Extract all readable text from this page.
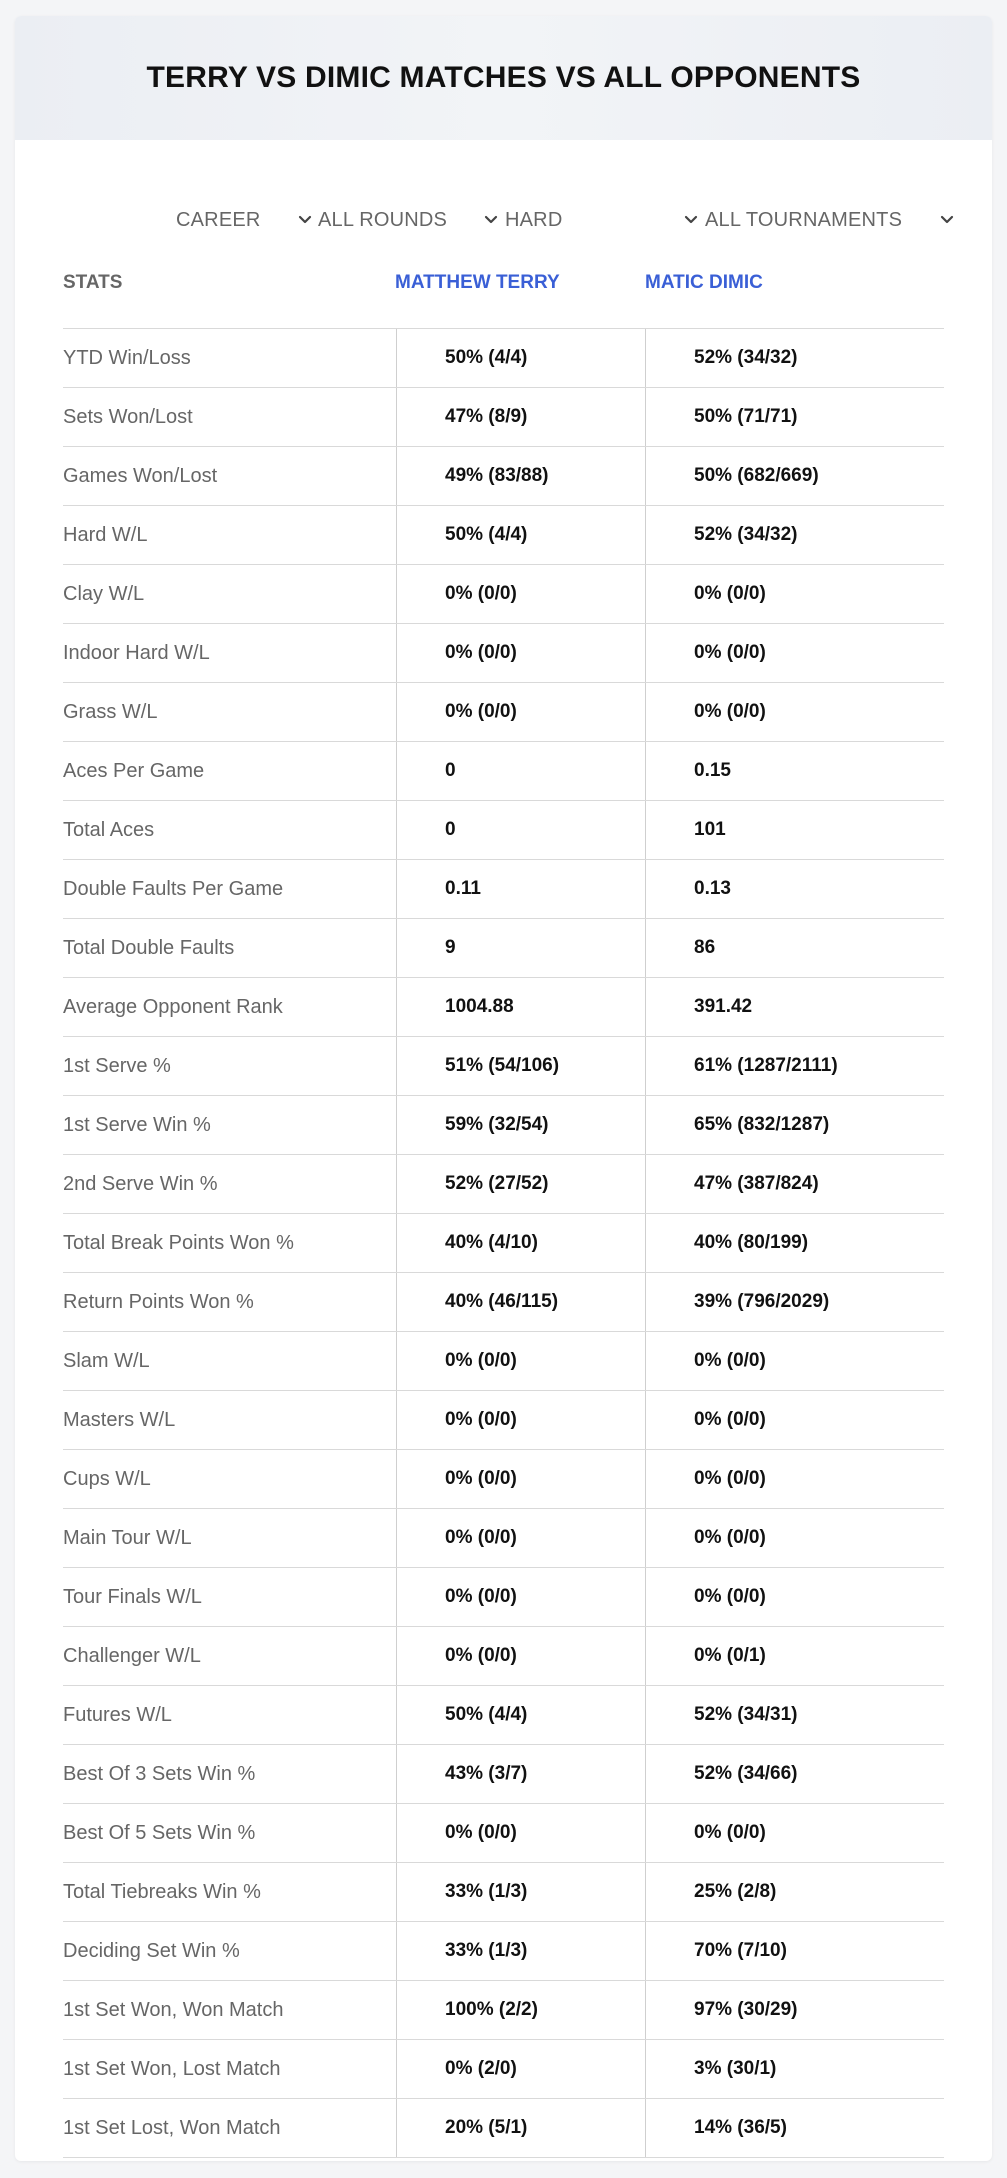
TERRY VS DIMIC MATCHES VS ALL OPPONENTS
CAREER	ALL ROUNDS	HARD	ALL TOURNAMENTS
STATS	MATTHEW TERRY	MATIC DIMIC
YTD Win/Loss	50% (4/4)	52% (34/32)
Sets Won/Lost	47% (8/9)	50% (71/71)
Games Won/Lost	49% (83/88)	50% (682/669)
Hard W/L	50% (4/4)	52% (34/32)
Clay W/L	0% (0/0)	0% (0/0)
Indoor Hard W/L	0% (0/0)	0% (0/0)
Grass W/L	0% (0/0)	0% (0/0)
Aces Per Game	0	0.15
Total Aces	0	101
Double Faults Per Game	0.11	0.13
Total Double Faults	9	86
Average Opponent Rank	1004.88	391.42
1st Serve %	51% (54/106)	61% (1287/2111)
1st Serve Win %	59% (32/54)	65% (832/1287)
2nd Serve Win %	52% (27/52)	47% (387/824)
Total Break Points Won %	40% (4/10)	40% (80/199)
Return Points Won %	40% (46/115)	39% (796/2029)
Slam W/L	0% (0/0)	0% (0/0)
Masters W/L	0% (0/0)	0% (0/0)
Cups W/L	0% (0/0)	0% (0/0)
Main Tour W/L	0% (0/0)	0% (0/0)
Tour Finals W/L	0% (0/0)	0% (0/0)
Challenger W/L	0% (0/0)	0% (0/1)
Futures W/L	50% (4/4)	52% (34/31)
Best Of 3 Sets Win %	43% (3/7)	52% (34/66)
Best Of 5 Sets Win %	0% (0/0)	0% (0/0)
Total Tiebreaks Win %	33% (1/3)	25% (2/8)
Deciding Set Win %	33% (1/3)	70% (7/10)
1st Set Won, Won Match	100% (2/2)	97% (30/29)
1st Set Won, Lost Match	0% (2/0)	3% (30/1)
1st Set Lost, Won Match	20% (5/1)	14% (36/5)
